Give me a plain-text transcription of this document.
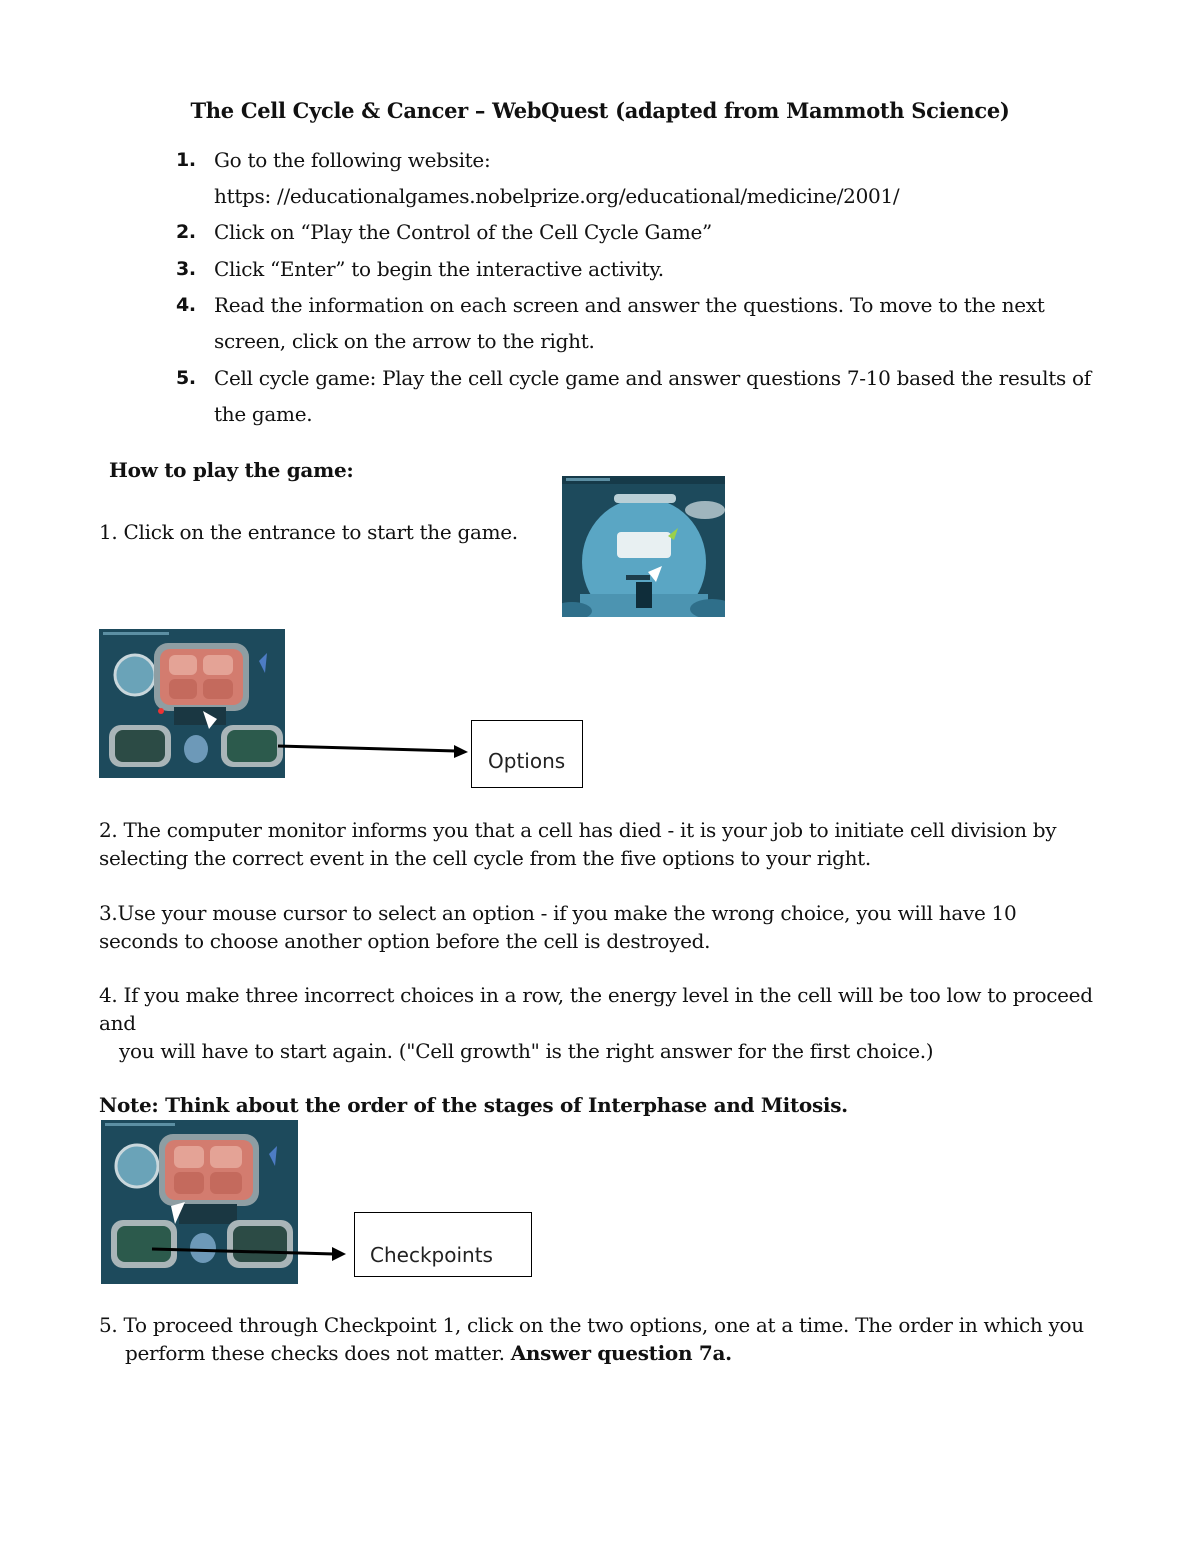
The Cell Cycle & Cancer – WebQuest (adapted from Mammoth Science)
1. Go to the following website:
https: //educationalgames.nobelprize.org/educational/medicine/2001/
2. Click on “Play the Control of the Cell Cycle Game”
3. Click “Enter” to begin the interactive activity.
4. Read the information on each screen and answer the questions. To move to the next
screen, click on the arrow to the right.
5. Cell cycle game: Play the cell cycle game and answer questions 7-10 based the results of
the game.
How to play the game:
1. Click on the entrance to start the game.
Options
2. The computer monitor informs you that a cell has died - it is your job to initiate cell division by
selecting the correct event in the cell cycle from the five options to your right.
3.Use your mouse cursor to select an option - if you make the wrong choice, you will have 10
seconds to choose another option before the cell is destroyed.
4. If you make three incorrect choices in a row, the energy level in the cell will be too low to proceed
and
you will have to start again. ("Cell growth" is the right answer for the first choice.)
Note: Think about the order of the stages of Interphase and Mitosis.
Checkpoints
5. To proceed through Checkpoint 1, click on the two options, one at a time. The order in which you
perform these checks does not matter. Answer question 7a.
